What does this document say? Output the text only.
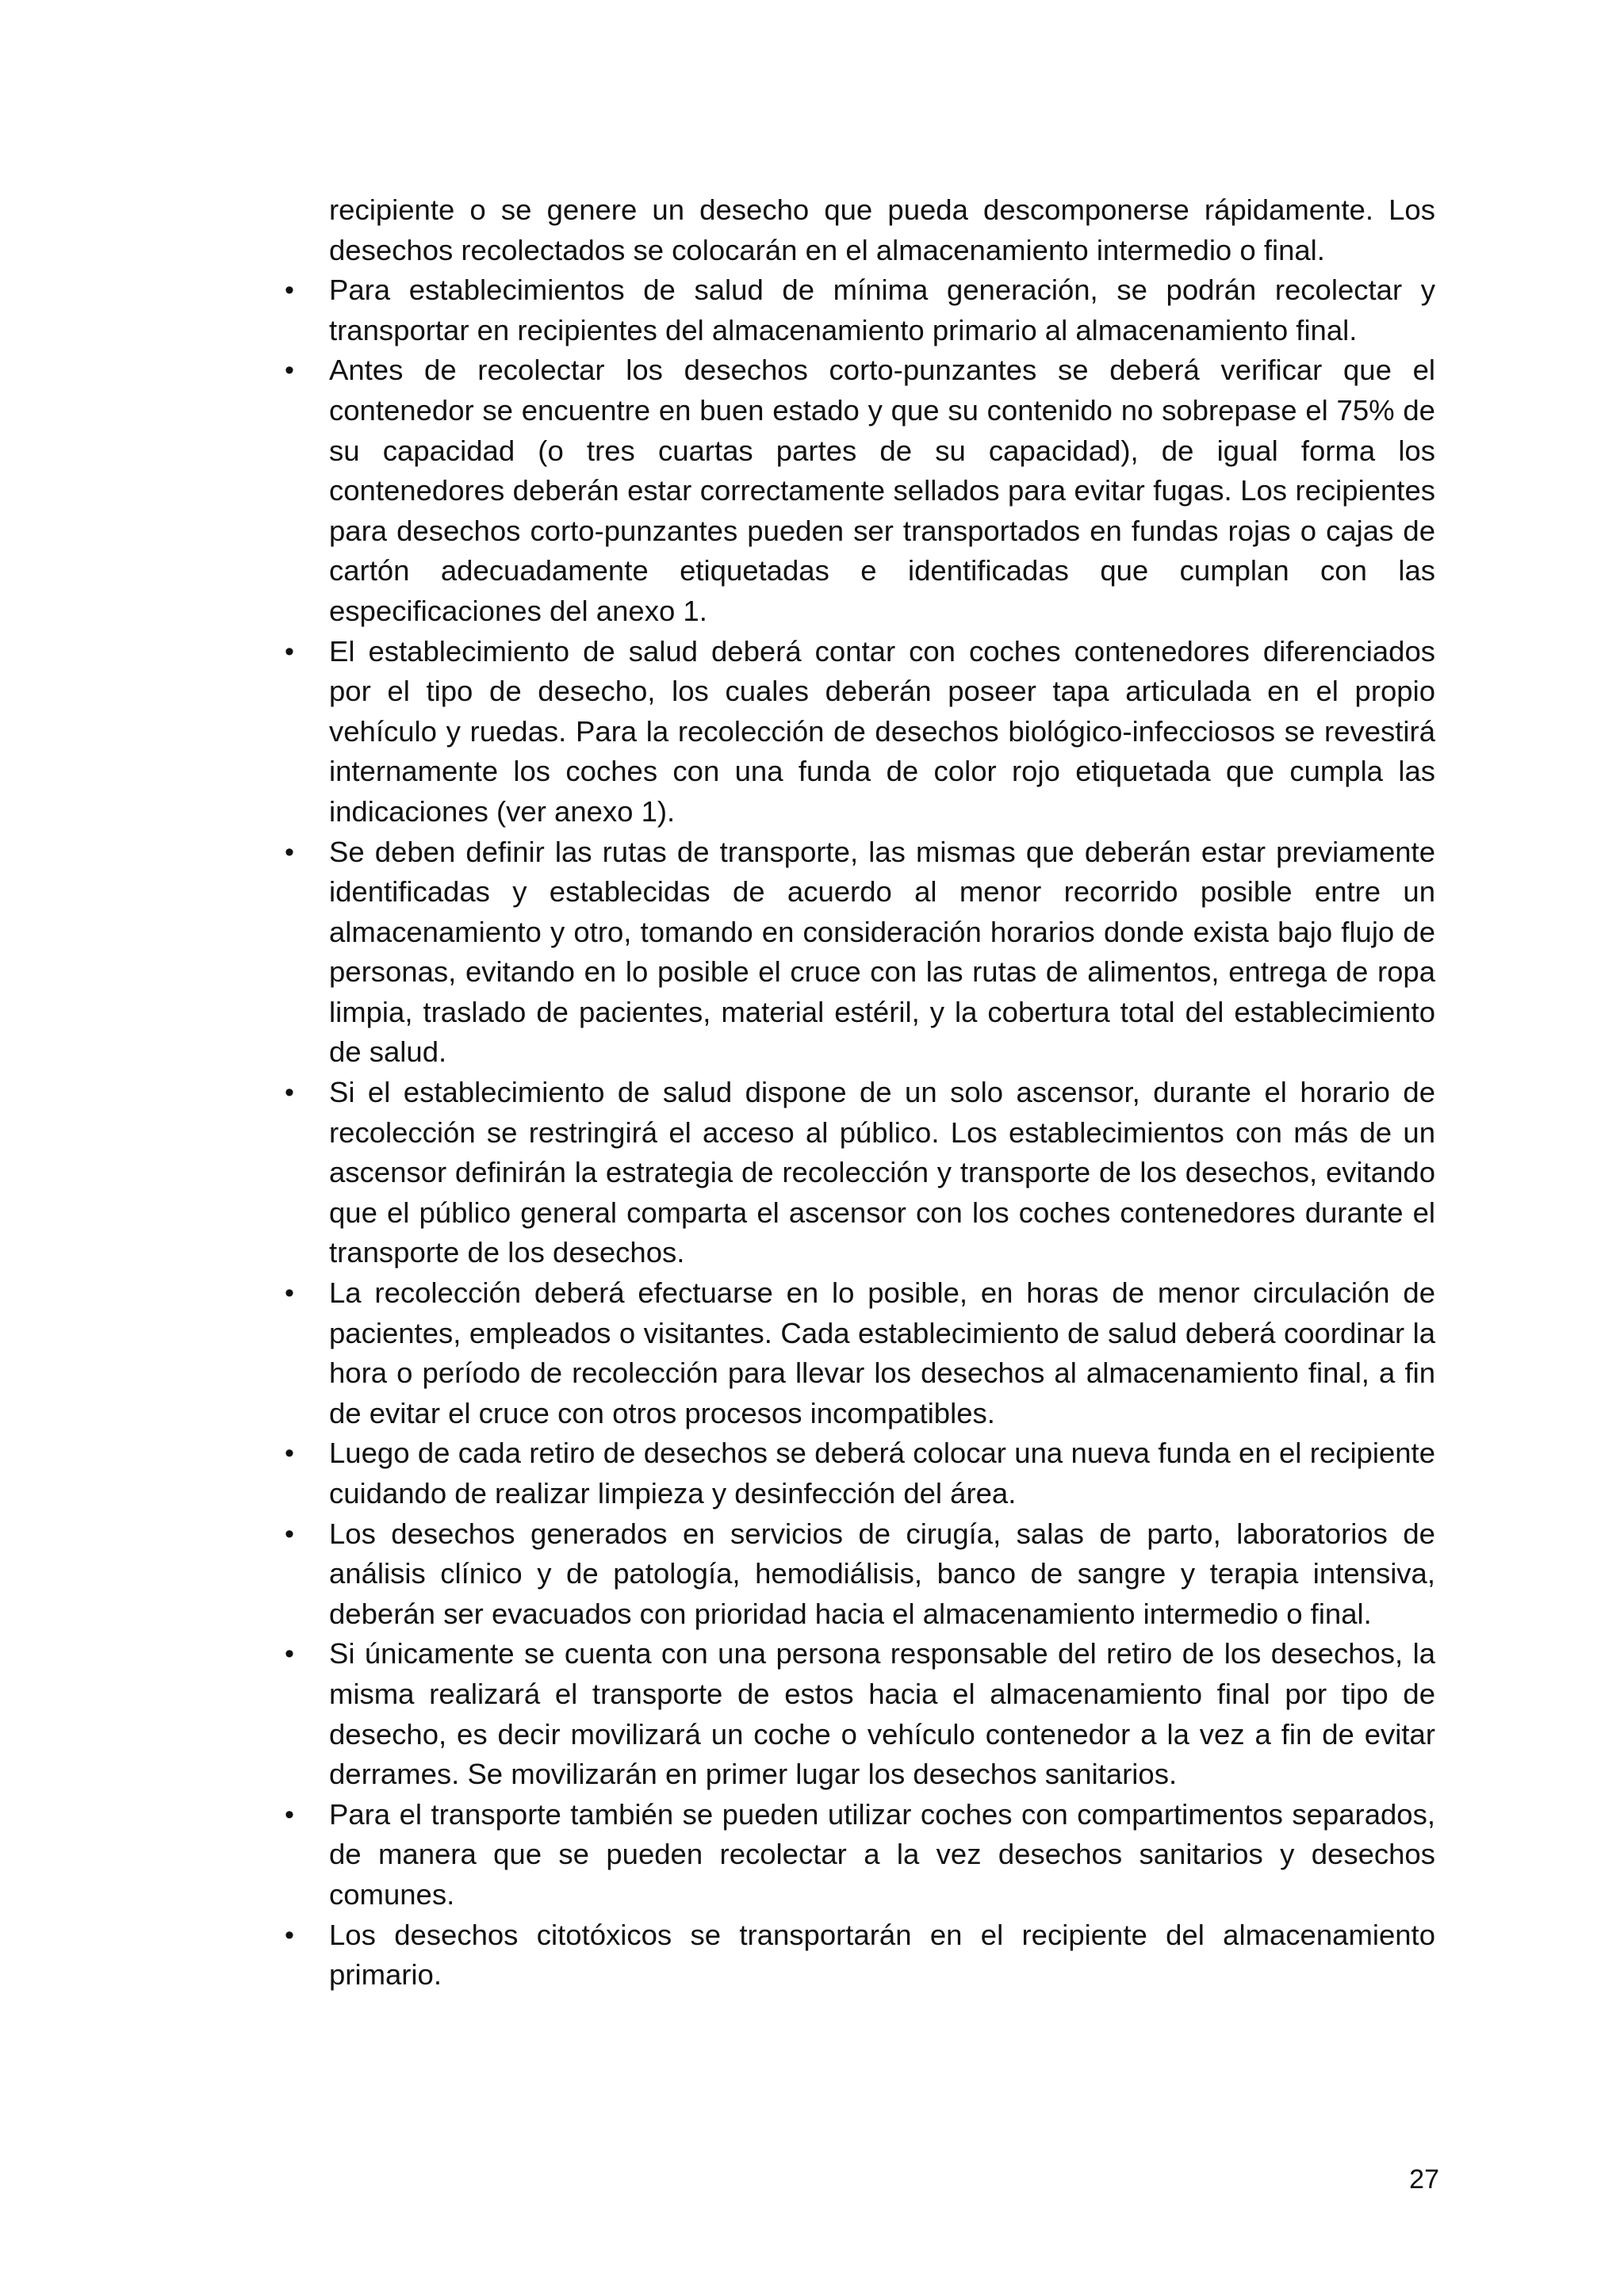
recipiente o se genere un desecho que pueda descomponerse rápidamente. Los desechos recolectados se colocarán en el almacenamiento intermedio o final.

• Para establecimientos de salud de mínima generación, se podrán recolectar y transportar en recipientes del almacenamiento primario al almacenamiento final.
• Antes de recolectar los desechos corto-punzantes se deberá verificar que el contenedor se encuentre en buen estado y que su contenido no sobrepase el 75% de su capacidad (o tres cuartas partes de su capacidad), de igual forma los contenedores deberán estar correctamente sellados para evitar fugas. Los recipientes para desechos corto-punzantes pueden ser transportados en fundas rojas o cajas de cartón adecuadamente etiquetadas e identificadas que cumplan con las especificaciones del anexo 1.
• El establecimiento de salud deberá contar con coches contenedores diferenciados por el tipo de desecho, los cuales deberán poseer tapa articulada en el propio vehículo y ruedas. Para la recolección de desechos biológico-infecciosos se revestirá internamente los coches con una funda de color rojo etiquetada que cumpla las indicaciones (ver anexo 1).
• Se deben definir las rutas de transporte, las mismas que deberán estar previamente identificadas y establecidas de acuerdo al menor recorrido posible entre un almacenamiento y otro, tomando en consideración horarios donde exista bajo flujo de personas, evitando en lo posible el cruce con las rutas de alimentos, entrega de ropa limpia, traslado de pacientes, material estéril, y la cobertura total del establecimiento de salud.
• Si el establecimiento de salud dispone de un solo ascensor, durante el horario de recolección se restringirá el acceso al público. Los establecimientos con más de un ascensor definirán la estrategia de recolección y transporte de los desechos, evitando que el público general comparta el ascensor con los coches contenedores durante el transporte de los desechos.
• La recolección deberá efectuarse en lo posible, en horas de menor circulación de pacientes, empleados o visitantes. Cada establecimiento de salud deberá coordinar la hora o período de recolección para llevar los desechos al almacenamiento final, a fin de evitar el cruce con otros procesos incompatibles.
• Luego de cada retiro de desechos se deberá colocar una nueva funda en el recipiente cuidando de realizar limpieza y desinfección del área.
• Los desechos generados en servicios de cirugía, salas de parto, laboratorios de análisis clínico y de patología, hemodiálisis, banco de sangre y terapia intensiva, deberán ser evacuados con prioridad hacia el almacenamiento intermedio o final.
• Si únicamente se cuenta con una persona responsable del retiro de los desechos, la misma realizará el transporte de estos hacia el almacenamiento final por tipo de desecho, es decir movilizará un coche o vehículo contenedor a la vez a fin de evitar derrames. Se movilizarán en primer lugar los desechos sanitarios.
• Para el transporte también se pueden utilizar coches con compartimentos separados, de manera que se pueden recolectar a la vez desechos sanitarios y desechos comunes.
• Los desechos citotóxicos se transportarán en el recipiente del almacenamiento primario.
27
